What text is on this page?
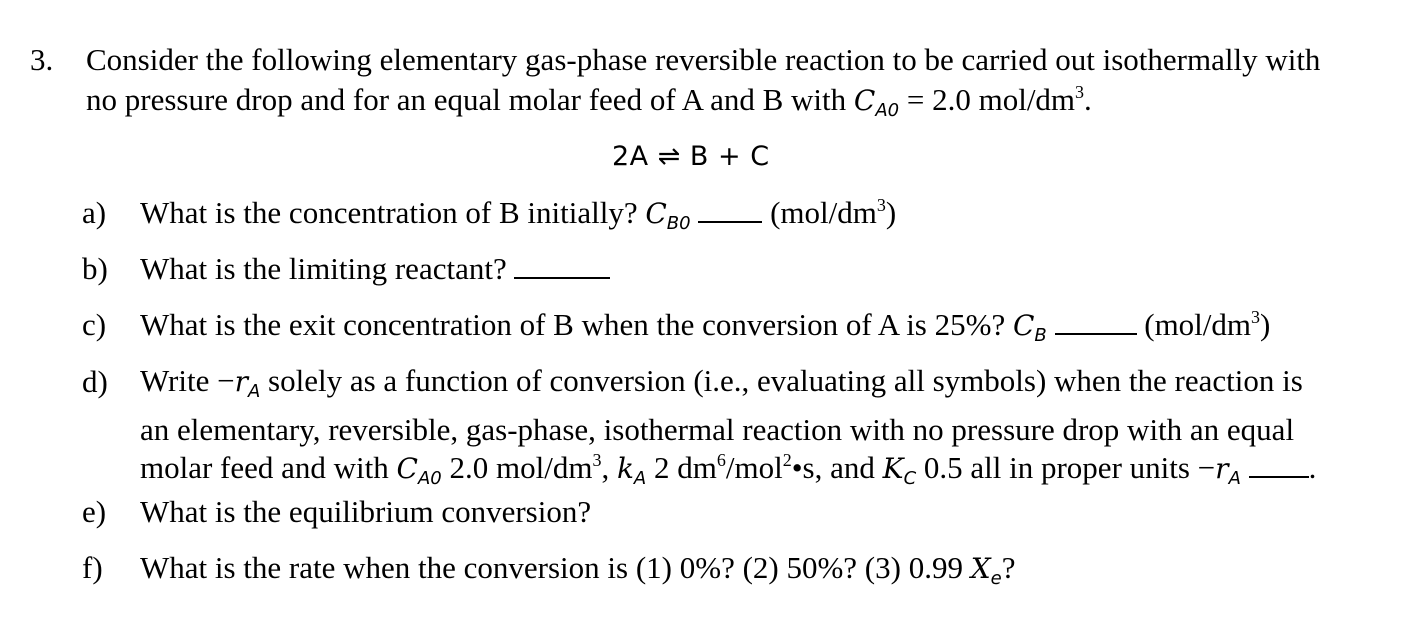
3. Consider the following elementary gas-phase reversible reaction to be carried out isothermally with
no pressure drop and for an equal molar feed of A and B with $C_{A0} = 2.0$ mol/$dm^3$.
2A ⇌ B + C
a)	What is the concentration of B initially? $C_{B0}$	$(mol/dm^3)$
b)	What is the limiting reactant?
c)	What is the exit concentration of B when the conversion of A is 25%? $C_B$	$(mol/dm^3)$
d)	Write $-r_A$ solely as a function of conversion (i.e., evaluating all symbols) when the reaction is
an elementary, reversible, gas-phase, isothermal reaction with no pressure drop with an equal
molar feed and with $C_{A0}$ 2.0 mol/$dm^3$, $k_A$ 2 $dm^6/mol^2•s$, and $K_C$ 0.5 all in proper units $-r_A$ .
e)	What is the equilibrium conversion?
f)	What is the rate when the conversion is (1) 0%? (2) 50%? (3) 0.99 $X_e$?
